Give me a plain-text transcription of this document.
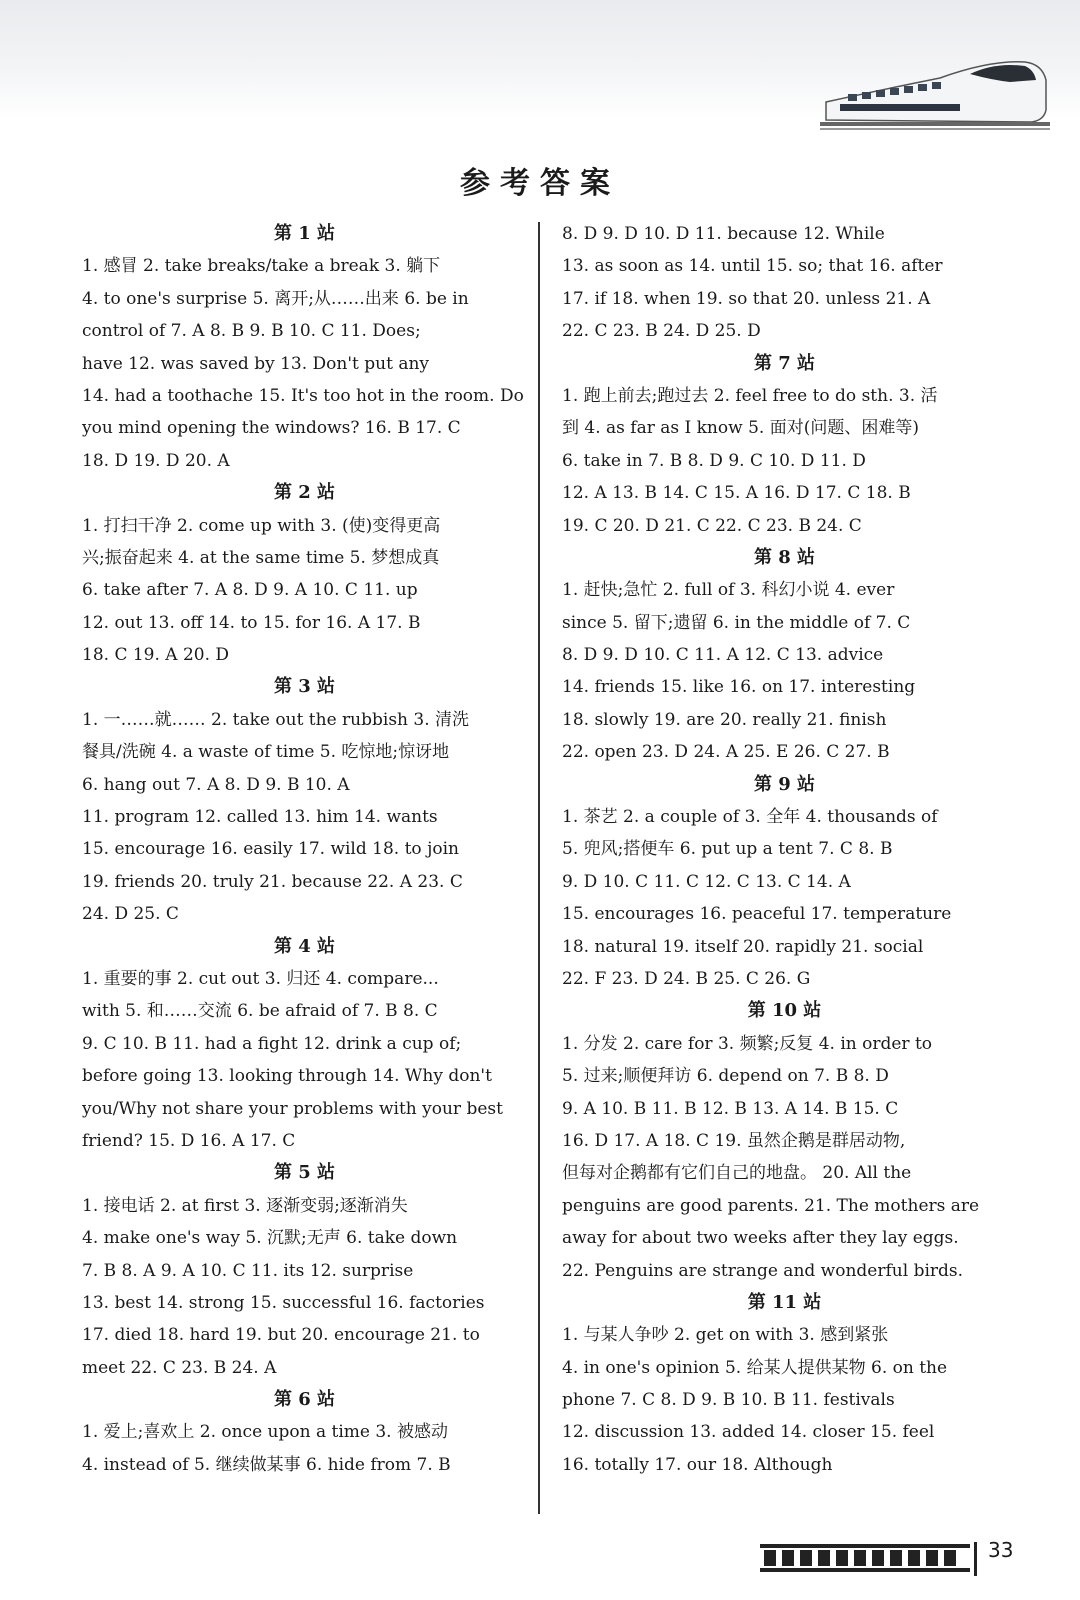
参考答案
第 1 站
1. 感冒 2. take breaks/take a break 3. 躺下
4. to one's surprise 5. 离开;从……出来 6. be in
control of 7. A 8. B 9. B 10. C 11. Does;
have 12. was saved by 13. Don't put any
14. had a toothache 15. It's too hot in the room. Do
you mind opening the windows? 16. B 17. C
18. D 19. D 20. A
第 2 站
1. 打扫干净 2. come up with 3. (使)变得更高
兴;振奋起来 4. at the same time 5. 梦想成真
6. take after 7. A 8. D 9. A 10. C 11. up
12. out 13. off 14. to 15. for 16. A 17. B
18. C 19. A 20. D
第 3 站
1. 一……就…… 2. take out the rubbish 3. 清洗
餐具/洗碗 4. a waste of time 5. 吃惊地;惊讶地
6. hang out 7. A 8. D 9. B 10. A
11. program 12. called 13. him 14. wants
15. encourage 16. easily 17. wild 18. to join
19. friends 20. truly 21. because 22. A 23. C
24. D 25. C
第 4 站
1. 重要的事 2. cut out 3. 归还 4. compare...
with 5. 和……交流 6. be afraid of 7. B 8. C
9. C 10. B 11. had a fight 12. drink a cup of;
before going 13. looking through 14. Why don't
you/Why not share your problems with your best
friend? 15. D 16. A 17. C
第 5 站
1. 接电话 2. at first 3. 逐渐变弱;逐渐消失
4. make one's way 5. 沉默;无声 6. take down
7. B 8. A 9. A 10. C 11. its 12. surprise
13. best 14. strong 15. successful 16. factories
17. died 18. hard 19. but 20. encourage 21. to
meet 22. C 23. B 24. A
第 6 站
1. 爱上;喜欢上 2. once upon a time 3. 被感动
4. instead of 5. 继续做某事 6. hide from 7. B
8. D 9. D 10. D 11. because 12. While
13. as soon as 14. until 15. so; that 16. after
17. if 18. when 19. so that 20. unless 21. A
22. C 23. B 24. D 25. D
第 7 站
1. 跑上前去;跑过去 2. feel free to do sth. 3. 活
到 4. as far as I know 5. 面对(问题、困难等)
6. take in 7. B 8. D 9. C 10. D 11. D
12. A 13. B 14. C 15. A 16. D 17. C 18. B
19. C 20. D 21. C 22. C 23. B 24. C
第 8 站
1. 赶快;急忙 2. full of 3. 科幻小说 4. ever
since 5. 留下;遗留 6. in the middle of 7. C
8. D 9. D 10. C 11. A 12. C 13. advice
14. friends 15. like 16. on 17. interesting
18. slowly 19. are 20. really 21. finish
22. open 23. D 24. A 25. E 26. C 27. B
第 9 站
1. 茶艺 2. a couple of 3. 全年 4. thousands of
5. 兜风;搭便车 6. put up a tent 7. C 8. B
9. D 10. C 11. C 12. C 13. C 14. A
15. encourages 16. peaceful 17. temperature
18. natural 19. itself 20. rapidly 21. social
22. F 23. D 24. B 25. C 26. G
第 10 站
1. 分发 2. care for 3. 频繁;反复 4. in order to
5. 过来;顺便拜访 6. depend on 7. B 8. D
9. A 10. B 11. B 12. B 13. A 14. B 15. C
16. D 17. A 18. C 19. 虽然企鹅是群居动物,
但每对企鹅都有它们自己的地盘。 20. All the
penguins are good parents. 21. The mothers are
away for about two weeks after they lay eggs.
22. Penguins are strange and wonderful birds.
第 11 站
1. 与某人争吵 2. get on with 3. 感到紧张
4. in one's opinion 5. 给某人提供某物 6. on the
phone 7. C 8. D 9. B 10. B 11. festivals
12. discussion 13. added 14. closer 15. feel
16. totally 17. our 18. Although
33
